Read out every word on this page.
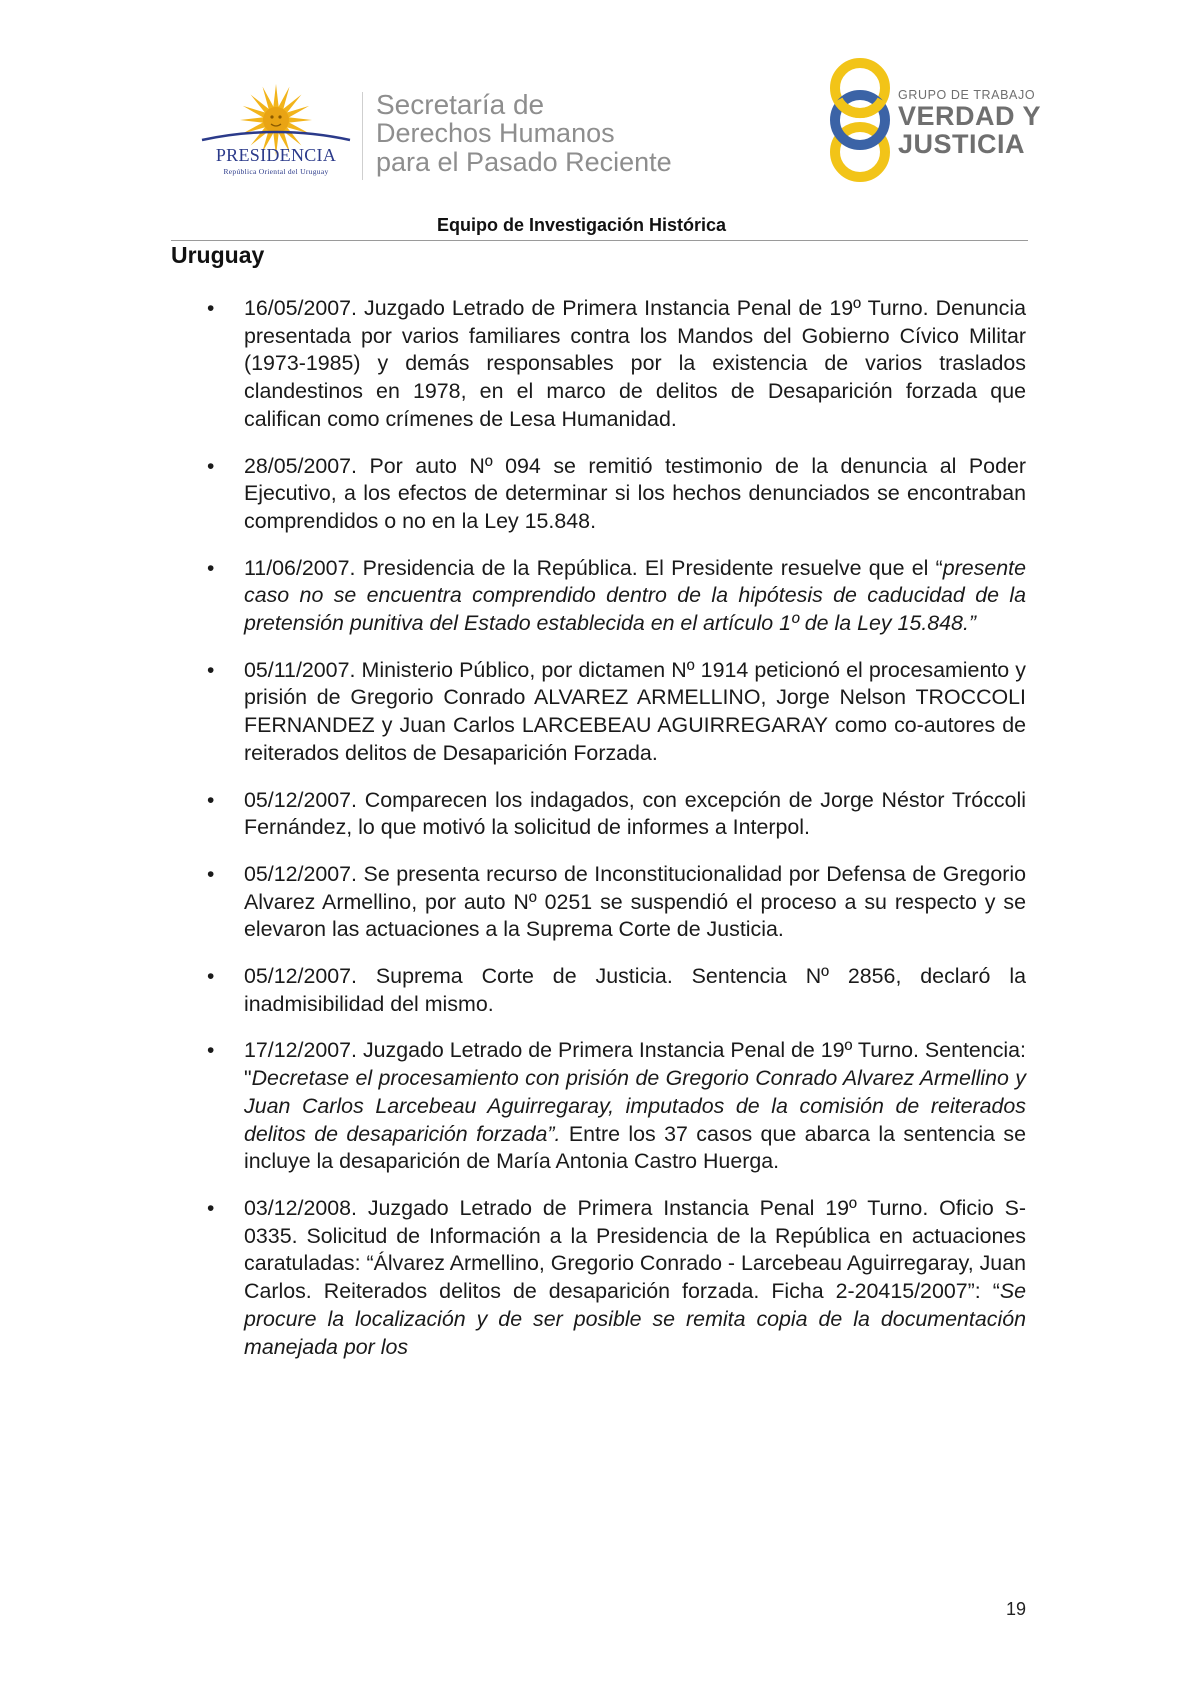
PRESIDENCIA
República Oriental del Uruguay
Secretaría de
Derechos Humanos
para el Pasado Reciente
GRUPO DE TRABAJO
VERDAD Y
JUSTICIA
Equipo de Investigación Histórica
Uruguay
• 16/05/2007. Juzgado Letrado de Primera Instancia Penal de 19º Turno. Denuncia presentada por varios familiares contra los Mandos del Gobierno Cívico Militar (1973-1985) y demás responsables por la existencia de varios traslados clandestinos en 1978, en el marco de delitos de Desaparición forzada que califican como crímenes de Lesa Humanidad.
• 28/05/2007. Por auto Nº 094 se remitió testimonio de la denuncia al Poder Ejecutivo, a los efectos de determinar si los hechos denunciados se encontraban comprendidos o no en la Ley 15.848.
• 11/06/2007. Presidencia de la República. El Presidente resuelve que el “presente caso no se encuentra comprendido dentro de la hipótesis de caducidad de la pretensión punitiva del Estado establecida en el artículo 1º de la Ley 15.848.”
• 05/11/2007. Ministerio Público, por dictamen Nº 1914 peticionó el procesamiento y prisión de Gregorio Conrado ALVAREZ ARMELLINO, Jorge Nelson TROCCOLI FERNANDEZ y Juan Carlos LARCEBEAU AGUIRREGARAY como co-autores de reiterados delitos de Desaparición Forzada.
• 05/12/2007. Comparecen los indagados, con excepción de Jorge Néstor Tróccoli Fernández, lo que motivó la solicitud de informes a Interpol.
• 05/12/2007. Se presenta recurso de Inconstitucionalidad por Defensa de Gregorio Alvarez Armellino, por auto Nº 0251 se suspendió el proceso a su respecto y se elevaron las actuaciones a la Suprema Corte de Justicia.
• 05/12/2007. Suprema Corte de Justicia. Sentencia Nº 2856, declaró la inadmisibilidad del mismo.
• 17/12/2007. Juzgado Letrado de Primera Instancia Penal de 19º Turno. Sentencia: "Decretase el procesamiento con prisión de Gregorio Conrado Alvarez Armellino y Juan Carlos Larcebeau Aguirregaray, imputados de la comisión de reiterados delitos de desaparición forzada”. Entre los 37 casos que abarca la sentencia se incluye la desaparición de María Antonia Castro Huerga.
• 03/12/2008. Juzgado Letrado de Primera Instancia Penal 19º Turno. Oficio S-0335. Solicitud de Información a la Presidencia de la República en actuaciones caratuladas: “Álvarez Armellino, Gregorio Conrado - Larcebeau Aguirregaray, Juan Carlos. Reiterados delitos de desaparición forzada. Ficha 2-20415/2007”: “Se procure la localización y de ser posible se remita copia de la documentación manejada por los
19
